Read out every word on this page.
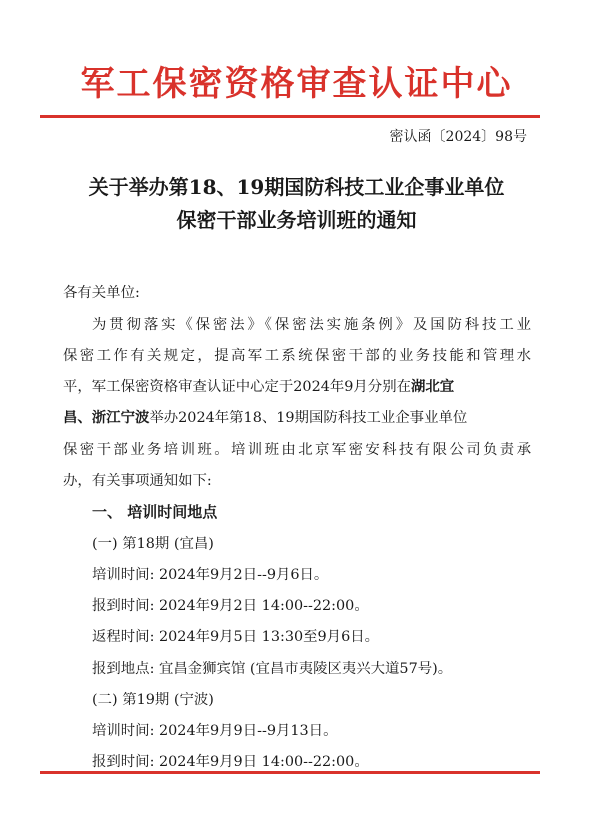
军工保密资格审查认证中心
密认函〔2024〕98号
关于举办第18、19期国防科技工业企事业单位
保密干部业务培训班的通知
各有关单位:
为贯彻落实《保密法》《保密法实施条例》及国防科技工业
保密工作有关规定，提高军工系统保密干部的业务技能和管理水
平，军工保密资格审查认证中心定于2024年9月分别在湖北宜
昌、浙江宁波举办2024年第18、19期国防科技工业企事业单位
保密干部业务培训班。培训班由北京军密安科技有限公司负责承
办，有关事项通知如下:
一、 培训时间地点
(一) 第18期 (宜昌)
培训时间: 2024年9月2日--9月6日。
报到时间: 2024年9月2日 14:00--22:00。
返程时间: 2024年9月5日 13:30至9月6日。
报到地点: 宜昌金狮宾馆 (宜昌市夷陵区夷兴大道57号)。
(二) 第19期 (宁波)
培训时间: 2024年9月9日--9月13日。
报到时间: 2024年9月9日 14:00--22:00。
